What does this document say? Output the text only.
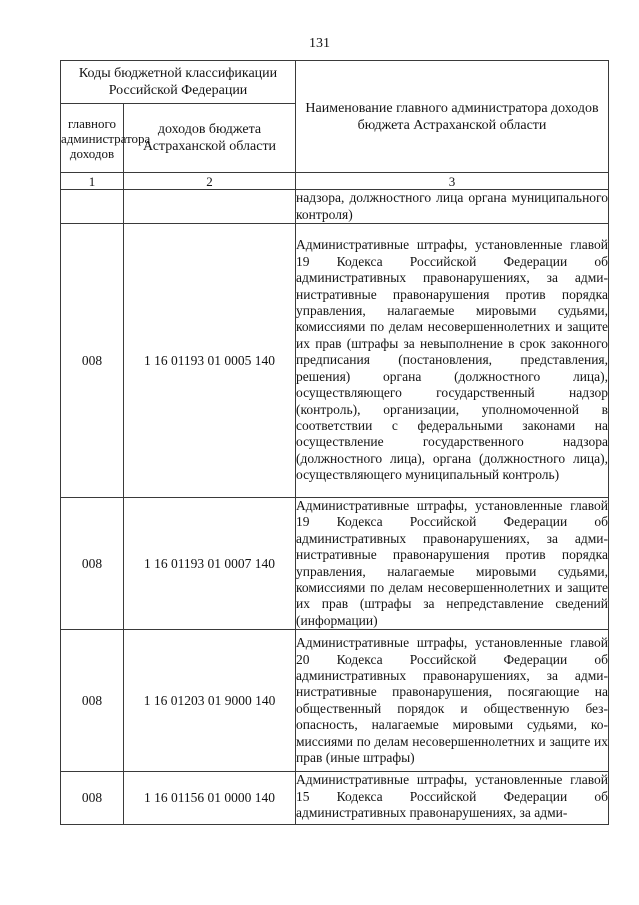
131
Коды бюджетной классификации Российской Федерации		Наименование главного администратора доходов бюджета Астраханской области
главного администратора доходов	доходов бюджета Астраханской области	
1	2	3
		надзора, должностного лица органа муниципального контроля)
008	1 16 01193 01 0005 140	Административные штрафы, установленные главой 19 Кодекса Российской Федерации об административных правонарушениях, за административные правонарушения против порядка управления, налагаемые мировыми судьями, комиссиями по делам несовершеннолетних и защите их прав (штрафы за невыполнение в срок законного предписания (постановления, представления, решения) органа (должностного лица), осуществляющего государственный надзор (контроль), организации, уполномоченной в соответствии с федеральными законами на осуществление государственного надзора (должностного лица), органа (должностного лица), осуществляющего муниципальный контроль)
008	1 16 01193 01 0007 140	Административные штрафы, установленные главой 19 Кодекса Российской Федерации об административных правонарушениях, за административные правонарушения против порядка управления, налагаемые мировыми судьями, комиссиями по делам несовершеннолетних и защите их прав (штрафы за непредставление сведений (информации)
008	1 16 01203 01 9000 140	Административные штрафы, установленные главой 20 Кодекса Российской Федерации об административных правонарушениях, за административные правонарушения, посягающие на общественный порядок и общественную безопасность, налагаемые мировыми судьями, комиссиями по делам несовершеннолетних и защите их прав (иные штрафы)
008	1 16 01156 01 0000 140	Административные штрафы, установленные главой 15 Кодекса Российской Федерации об административных правонарушениях, за адми-
